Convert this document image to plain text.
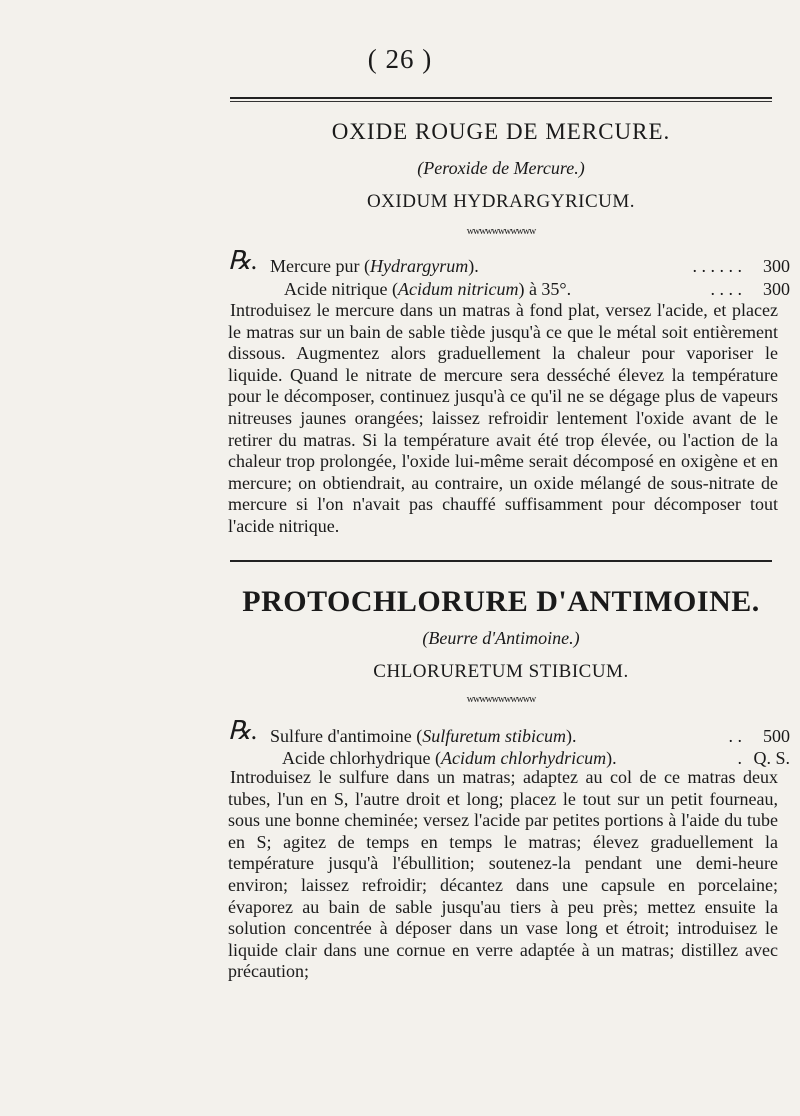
( 26 )
OXIDE ROUGE DE MERCURE.
(Peroxide de Mercure.)
OXIDUM HYDRARGYRICUM.
wwwwwwwwwww
℞. Mercure pur (Hydrargyrum).	. . . . . .	300
Acide nitrique (Acidum nitricum) à 35°.	. . . .	300
Introduisez le mercure dans un matras à fond plat, versez l'acide, et placez le matras sur un bain de sable tiède jusqu'à ce que le métal soit entièrement dissous. Augmentez alors graduellement la chaleur pour vaporiser le liquide. Quand le nitrate de mercure sera desséché élevez la température pour le décomposer, continuez jusqu'à ce qu'il ne se dégage plus de vapeurs nitreuses jaunes orangées; laissez refroidir lentement l'oxide avant de le retirer du matras. Si la température avait été trop élevée, ou l'action de la chaleur trop prolongée, l'oxide lui-même serait décomposé en oxigène et en mercure; on obtiendrait, au contraire, un oxide mélangé de sous-nitrate de mercure si l'on n'avait pas chauffé suffisamment pour décomposer tout l'acide nitrique.
PROTOCHLORURE D'ANTIMOINE.
(Beurre d'Antimoine.)
CHLORURETUM STIBICUM.
wwwwwwwwwww
℞. Sulfure d'antimoine (Sulfuretum stibicum).	. .	500
Acide chlorhydrique (Acidum chlorhydricum).	. Q. S.
Introduisez le sulfure dans un matras; adaptez au col de ce matras deux tubes, l'un en S, l'autre droit et long; placez le tout sur un petit fourneau, sous une bonne cheminée; versez l'acide par petites portions à l'aide du tube en S; agitez de temps en temps le matras; élevez graduellement la température jusqu'à l'ébullition; soutenez-la pendant une demi-heure environ; laissez refroidir; décantez dans une capsule en porcelaine; évaporez au bain de sable jusqu'au tiers à peu près; mettez ensuite la solution concentrée à déposer dans un vase long et étroit; introduisez le liquide clair dans une cornue en verre adaptée à un matras; distillez avec précaution;
